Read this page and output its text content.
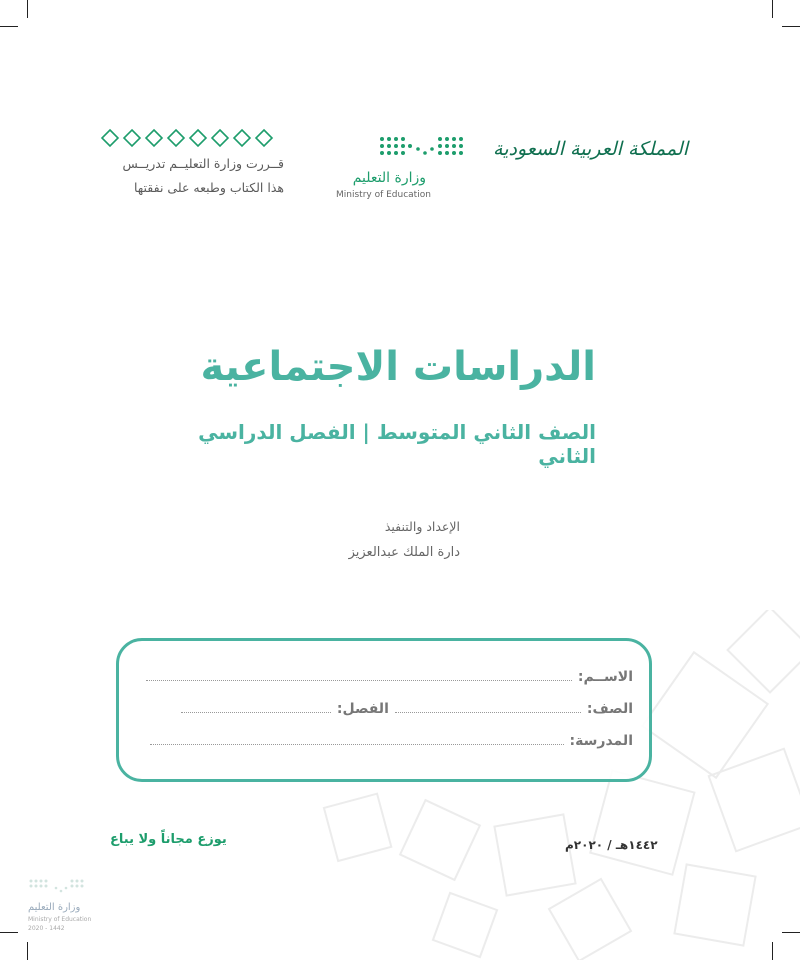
المملكة العربية السعودية
وزارة التعليم
Ministry of Education
قــررت وزارة التعليــم تدريــس
هذا الكتاب وطبعه على نفقتها
الدراسات الاجتماعية
الصف الثاني المتوسط | الفصل الدراسي الثاني
الإعداد والتنفيذ
دارة الملك عبدالعزيز
الاســم:
الصف:
الفصل:
المدرسة:
يوزع مجاناً ولا يباع	١٤٤٢هـ / ٢٠٢٠م
وزارة التعليم
Ministry of Education
2020 - 1442
